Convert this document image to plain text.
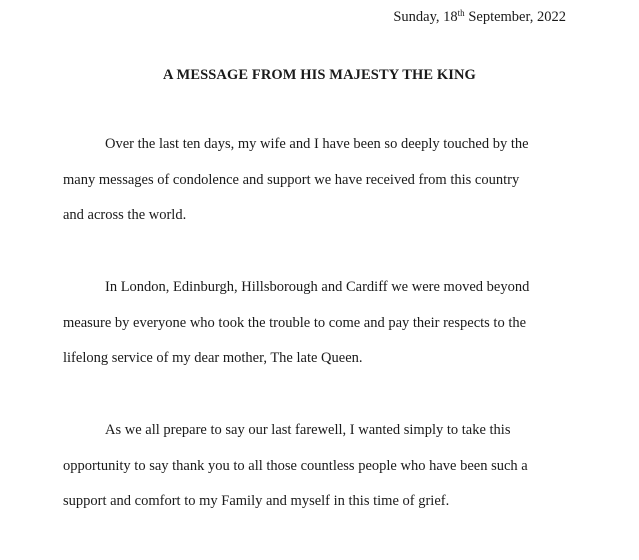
Sunday, 18th September, 2022
A MESSAGE FROM HIS MAJESTY THE KING
Over the last ten days, my wife and I have been so deeply touched by the
many messages of condolence and support we have received from this country
and across the world.
In London, Edinburgh, Hillsborough and Cardiff we were moved beyond
measure by everyone who took the trouble to come and pay their respects to the
lifelong service of my dear mother, The late Queen.
As we all prepare to say our last farewell, I wanted simply to take this
opportunity to say thank you to all those countless people who have been such a
support and comfort to my Family and myself in this time of grief.
